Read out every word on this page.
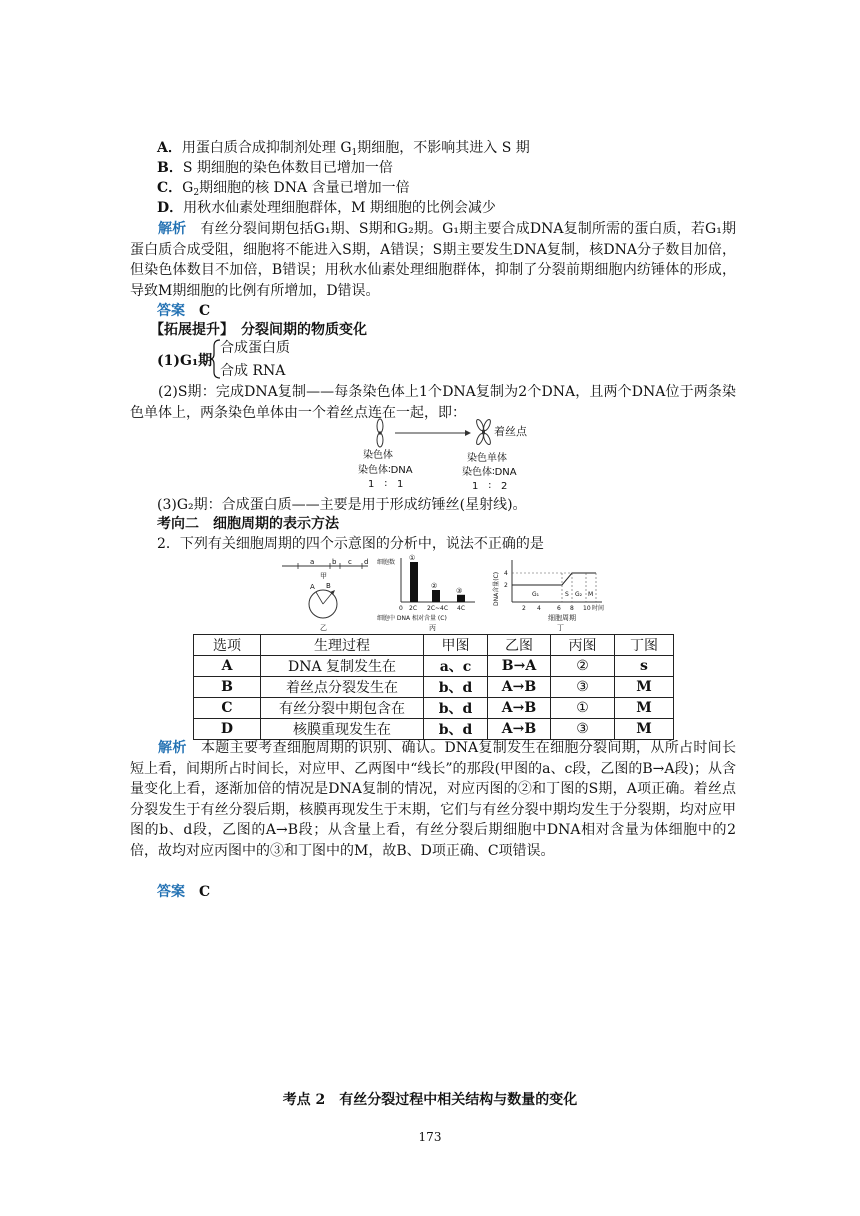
A．用蛋白质合成抑制剂处理 $G_1$期细胞，不影响其进入 S 期
B．S 期细胞的染色体数目已增加一倍
C．$G_2$期细胞的核 DNA 含量已增加一倍
D．用秋水仙素处理细胞群体，M 期细胞的比例会减少
解析　 有丝分裂间期包括G₁期、S期和G₂期。G₁期主要合成DNA复制所需的蛋白质，若G₁期蛋白质合成受阻，细胞将不能进入S期，A错误；S期主要发生DNA复制，核DNA分子数目加倍，但染色体数目不加倍，B错误；用秋水仙素处理细胞群体，抑制了分裂前期细胞内纺锤体的形成，导致M期细胞的比例有所增加，D错误。
答案　 C
【拓展提升】　分裂间期的物质变化
(1)G₁期
合成蛋白质
合成 RNA
(2)S期：完成DNA复制——每条染色体上1个DNA复制为2个DNA，且两个DNA位于两条染色单体上，两条染色单体由一个着丝点连在一起，即：
着丝点
染色体
染色体∶DNA
1　∶　1
染色单体
染色体∶DNA
1　∶　2
(3)G₂期：合成蛋白质——主要是用于形成纺锤丝(星射线)。
考向二　细胞周期的表示方法
2．下列有关细胞周期的四个示意图的分析中，说法不正确的是
a	b c d
甲
A B
乙
细胞数
①
②
③
0 2C 2C~4C 4C
细胞中 DNA 相对含量 (C)
丙
DNA含量(C) 4
2
G₁	S G₂ M
2 4	6 8 10 时间
细胞周期
丁
选项	生理过程	甲图	乙图	丙图	丁图
A	DNA 复制发生在	a、c	B→A	②	s
B	着丝点分裂发生在	b、d	A→B	③	M
C	有丝分裂中期包含在	b、d	A→B	①	M
D	核膜重现发生在	b、d	A→B	③	M
解析　 本题主要考查细胞周期的识别、确认。DNA复制发生在细胞分裂间期，从所占时间长短上看，间期所占时间长，对应甲、乙两图中“线长”的那段(甲图的a、c段，乙图的B→A段)；从含量变化上看，逐渐加倍的情况是DNA复制的情况，对应丙图的②和丁图的S期，A项正确。着丝点分裂发生于有丝分裂后期，核膜再现发生于末期，它们与有丝分裂中期均发生于分裂期，均对应甲图的b、d段，乙图的A→B段；从含量上看，有丝分裂后期细胞中DNA相对含量为体细胞中的2倍，故均对应丙图中的③和丁图中的M，故B、D项正确、C项错误。
答案　 C
考点 2　有丝分裂过程中相关结构与数量的变化
173
